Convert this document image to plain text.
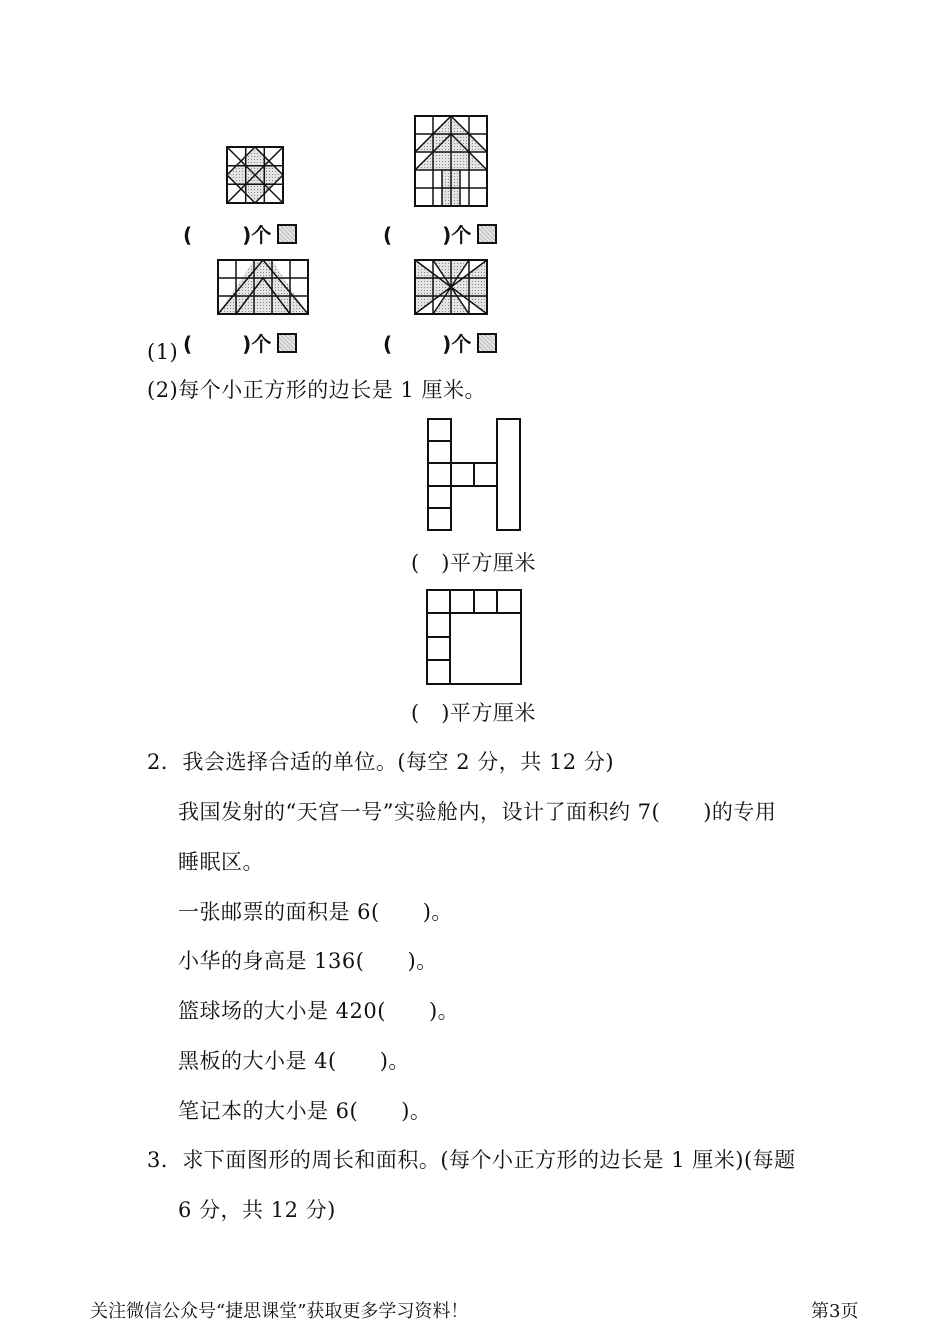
(	)个	(	)个
(1) (	)个	(	)个
(2)每个小正方形的边长是 1 厘米。
(　)平方厘米
(　)平方厘米
2．我会选择合适的单位。(每空 2 分，共 12 分)
我国发射的“天宫一号”实验舱内，设计了面积约 7(　　)的专用
睡眠区。
一张邮票的面积是 6(　　)。
小华的身高是 136(　　)。
篮球场的大小是 420(　　)。
黑板的大小是 4(　　)。
笔记本的大小是 6(　　)。
3．求下面图形的周长和面积。(每个小正方形的边长是 1 厘米)(每题
6 分，共 12 分)
关注微信公众号“捷思课堂”获取更多学习资料！	第3页
